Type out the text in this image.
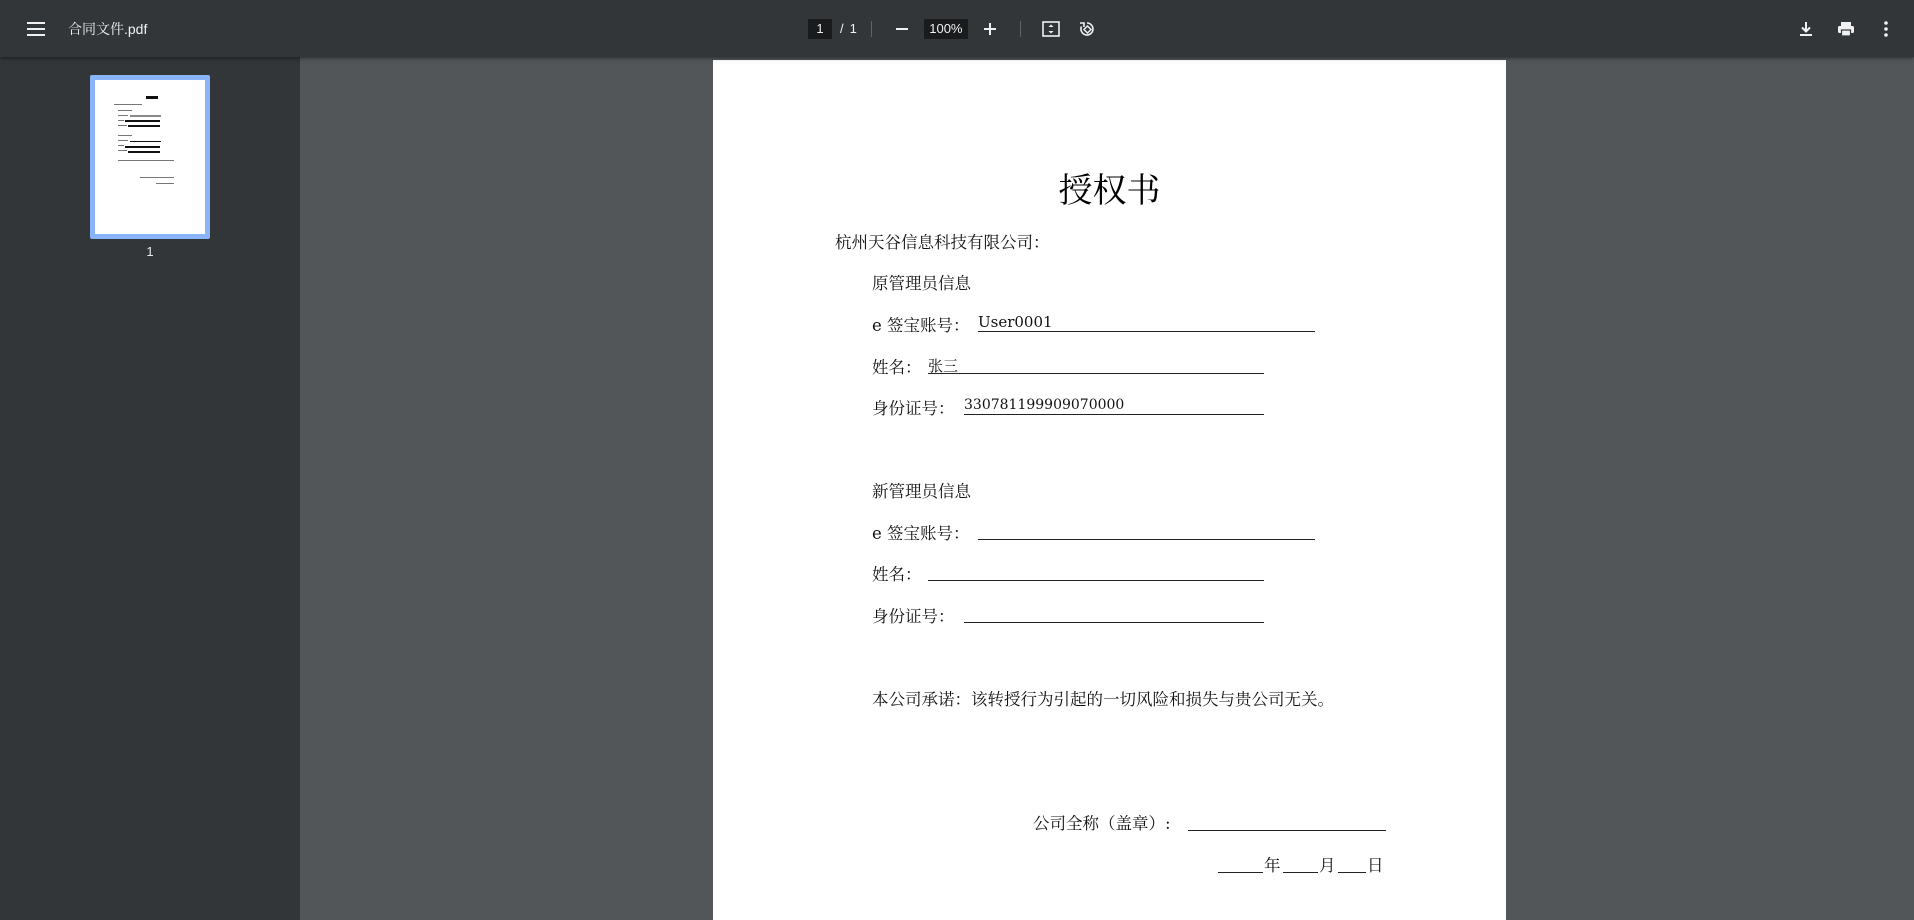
合同文件.pdf	1	/ 1	100%
1
授权书
杭州天谷信息科技有限公司：
原管理员信息
e 签宝账号： User0001
姓名： 张三
身份证号： 330781199909070000
新管理员信息
e 签宝账号：
姓名：
身份证号：
本公司承诺：该转授行为引起的一切风险和损失与贵公司无关。
公司全称（盖章）:
年 月 日
